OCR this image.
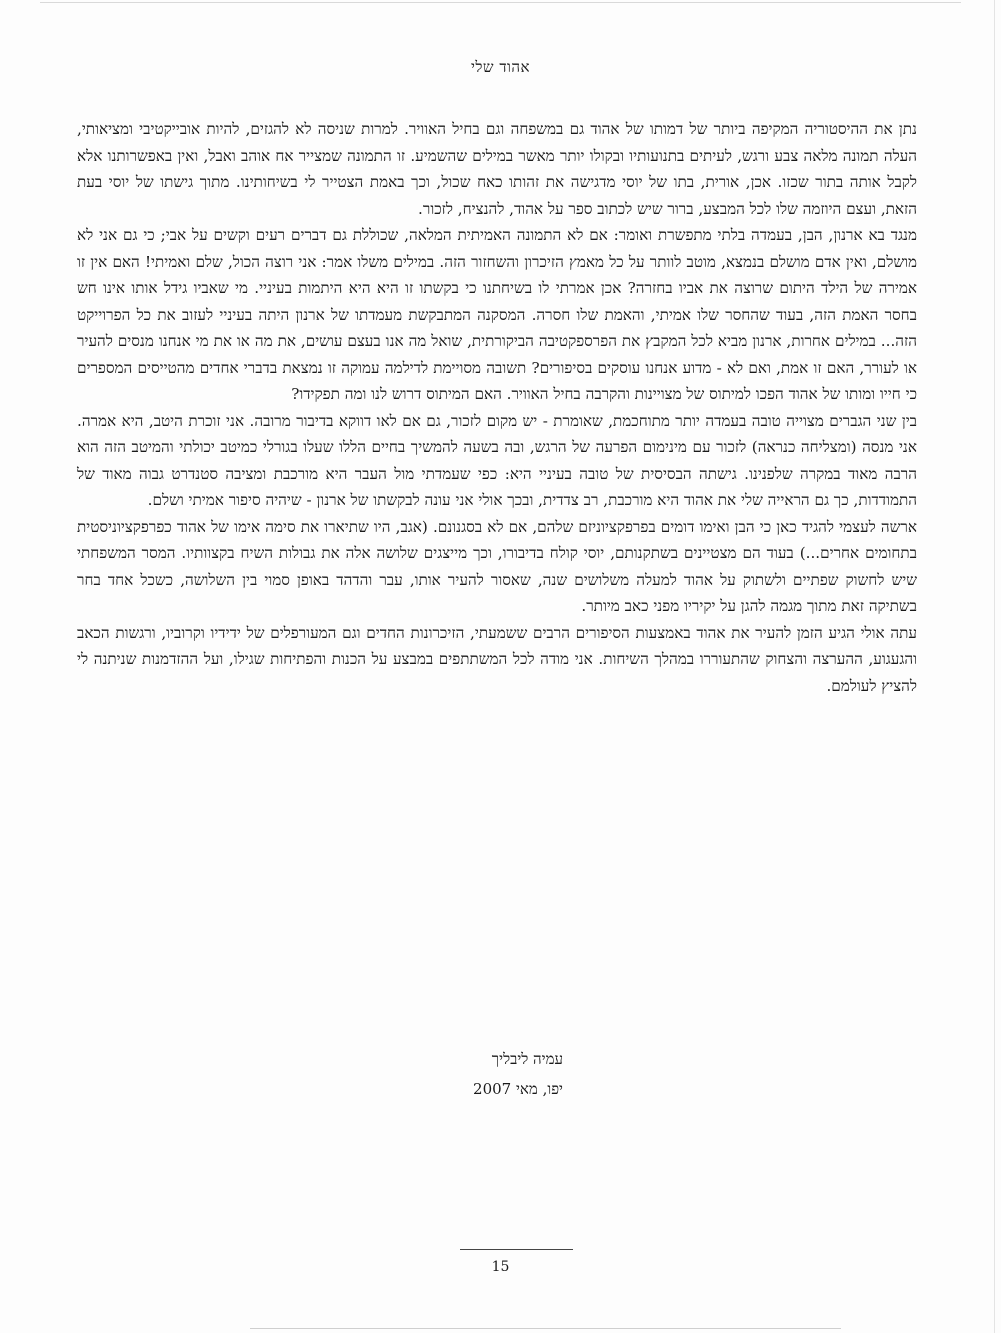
אהוד שלי

נתן את ההיסטוריה המקיפה ביותר של דמותו של אהוד גם במשפחה וגם בחיל האוויר. למרות שניסה לא להגזים, להיות אובייקטיבי ומציאותי, העלה תמונה מלאה צבע ורגש, לעיתים בתנועותיו ובקולו יותר מאשר במילים שהשמיע. זו התמונה שמצייר אח אוהב ואבל, ואין באפשרותנו אלא לקבל אותה בתור שכזו. אכן, אורית, בתו של יוסי מדגישה את זהותו כאח שכול, וכך באמת הצטייר לי בשיחותינו. מתוך גישתו של יוסי בעת הזאת, ועצם היוזמה שלו לכל המבצע, ברור שיש לכתוב ספר על אהוד, להנציח, לזכור.

מנגד בא ארנון, הבן, בעמדה בלתי מתפשרת ואומר: אם לא התמונה האמיתית המלאה, שכוללת גם דברים רעים וקשים על אבי; כי גם אני לא מושלם, ואין אדם מושלם בנמצא, מוטב לוותר על כל מאמץ הזיכרון והשחזור הזה. במילים משלו אמר: אני רוצה הכול, שלם ואמיתי! האם אין זו אמירה של הילד היתום שרוצה את אביו בחזרה? אכן אמרתי לו בשיחתנו כי בקשתו זו היא היא היתמות בעיניי. מי שאביו גידל אותו אינו חש בחסר האמת הזה, בעוד שהחסר שלו אמיתי, והאמת שלו חסרה. המסקנה המתבקשת מעמדתו של ארנון היתה בעיניי לעזוב את כל הפרוייקט הזה... במילים אחרות, ארנון מביא לכל המקבץ את הפרספקטיבה הביקורתית, שואל מה אנו בעצם עושים, את מה או את מי אנחנו מנסים להעיר או לעורר, האם זו אמת, ואם לא - מדוע אנחנו עוסקים בסיפורים? תשובה מסויימת לדילמה עמוקה זו נמצאת בדברי אחדים מהטייסים המספרים כי חייו ומותו של אהוד הפכו למיתוס של מצויינות והקרבה בחיל האוויר. האם המיתוס דרוש לנו ומה תפקידו?

בין שני הגברים מצוייה טובה בעמדה יותר מתוחכמת, שאומרת - יש מקום לזכור, גם אם לאו דווקא בדיבור מרובה. אני זוכרת היטב, היא אמרה. אני מנסה (ומצליחה כנראה) לזכור עם מינימום הפרעה של הרגש, ובה בשעה להמשיך בחיים הללו שעלו בגורלי כמיטב יכולתי והמיטב הזה הוא הרבה מאוד במקרה שלפנינו. גישתה הבסיסית של טובה בעיניי היא: כפי שעמדתי מול העבר היא מורכבת ומציבה סטנדרט גבוה מאוד של התמודדות, כך גם הראייה שלי את אהוד היא מורכבת, רב צדדית, ובכך אולי אני עונה לבקשתו של ארנון - שיהיה סיפור אמיתי ושלם.

ארשה לעצמי להגיד כאן כי הבן ואימו דומים בפרפקציוניזם שלהם, אם לא בסגנונם. (אגב, היו שתיארו את סימה אימו של אהוד כפרפקציוניסטית בתחומים אחרים...) בעוד הם מצטיינים בשתקנותם, יוסי קולח בדיבורו, וכך מייצגים שלושה אלה את גבולות השיח בקצוותיו. המסר המשפחתי שיש לחשוק שפתיים ולשתוק על אהוד למעלה משלושים שנה, שאסור להעיר אותו, עבר והדהד באופן סמוי בין השלושה, כשכל אחד בחר בשתיקה זאת מתוך מגמה להגן על יקיריו מפני כאב מיותר.

עתה אולי הגיע הזמן להעיר את אהוד באמצעות הסיפורים הרבים ששמעתי, הזיכרונות החדים וגם המעורפלים של ידידיו וקרוביו, ורגשות הכאב והגעגוע, ההערצה והצחוק שהתעוררו במהלך השיחות. אני מודה לכל המשתתפים במבצע על הכנות והפתיחות שגילו, ועל ההזדמנות שניתנה לי להציץ לעולמם.

עמיה ליבליך
יפו, מאי 2007
15
